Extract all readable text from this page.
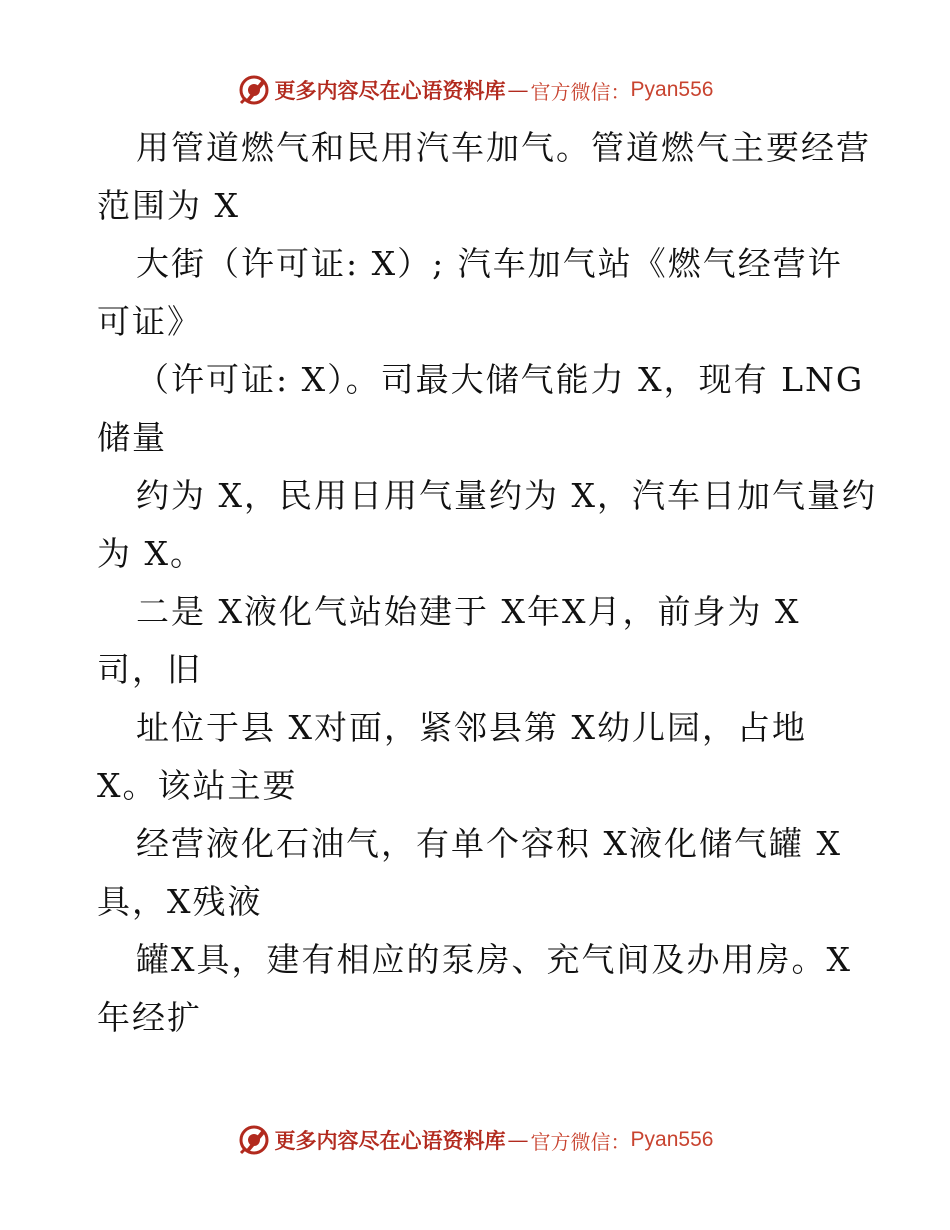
更多内容尽在心语资料库 — 官方微信： Pyan556
用管道燃气和民用汽车加气。管道燃气主要经营
范围为 X
大街（许可证: X）; 汽车加气站《燃气经营许
可证》
（许可证: X）。司最大储气能力 X，现有 LNG
储量
约为 X，民用日用气量约为 X，汽车日加气量约
为 X。
二是 X液化气站始建于 X年X月，前身为 X
司，旧
址位于县 X对面，紧邻县第 X幼儿园，占地
X。该站主要
经营液化石油气，有单个容积 X液化储气罐 X
具，X残液
罐X具，建有相应的泵房、充气间及办用房。X
年经扩
更多内容尽在心语资料库 — 官方微信： Pyan556
